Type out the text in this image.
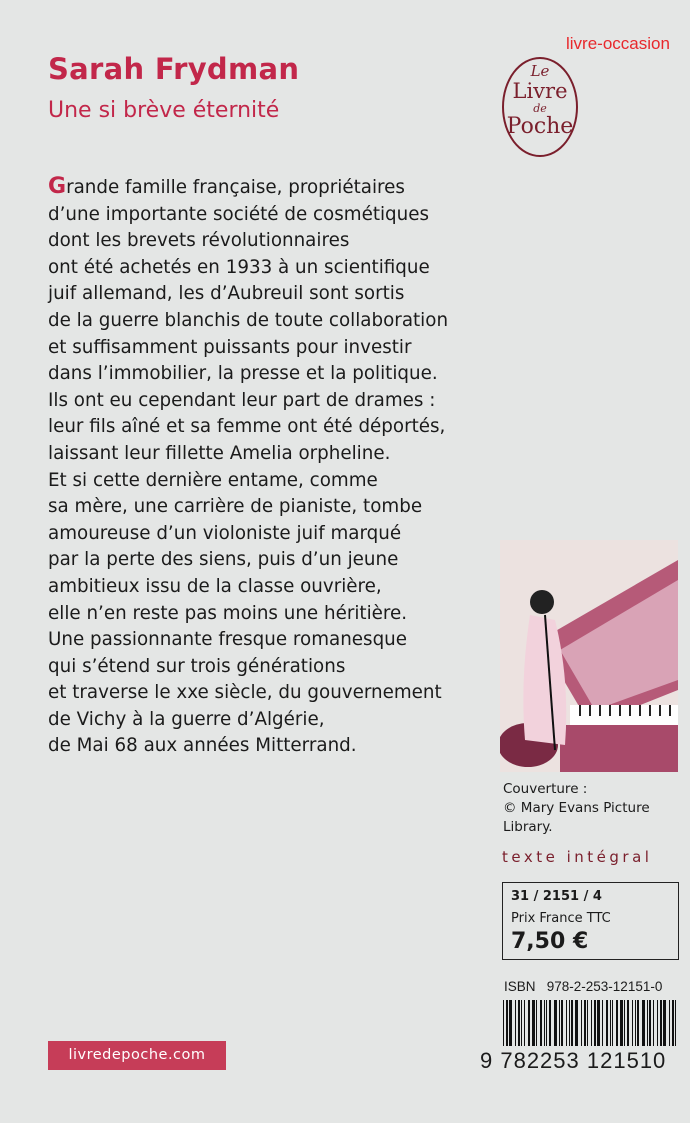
Sarah Frydman
Une si brève éternité
Le
Livre
de
Poche
livre-occasion
Grande famille française, propriétaires
d’une importante société de cosmétiques
dont les brevets révolutionnaires
ont été achetés en 1933 à un scientifique
juif allemand, les d’Aubreuil sont sortis
de la guerre blanchis de toute collaboration
et suffisamment puissants pour investir
dans l’immobilier, la presse et la politique.
Ils ont eu cependant leur part de drames :
leur fils aîné et sa femme ont été déportés,
laissant leur fillette Amelia orpheline.
Et si cette dernière entame, comme
sa mère, une carrière de pianiste, tombe
amoureuse d’un violoniste juif marqué
par la perte des siens, puis d’un jeune
ambitieux issu de la classe ouvrière,
elle n’en reste pas moins une héritière.
Une passionnante fresque romanesque
qui s’étend sur trois générations
et traverse le xxe siècle, du gouvernement
de Vichy à la guerre d’Algérie,
de Mai 68 aux années Mitterrand.
Couverture :
© Mary Evans Picture
Library.
texte intégral
31 / 2151 / 4
Prix France TTC
7,50 €
ISBN   978-2-253-12151-0
9 782253 121510
livredepoche.com
